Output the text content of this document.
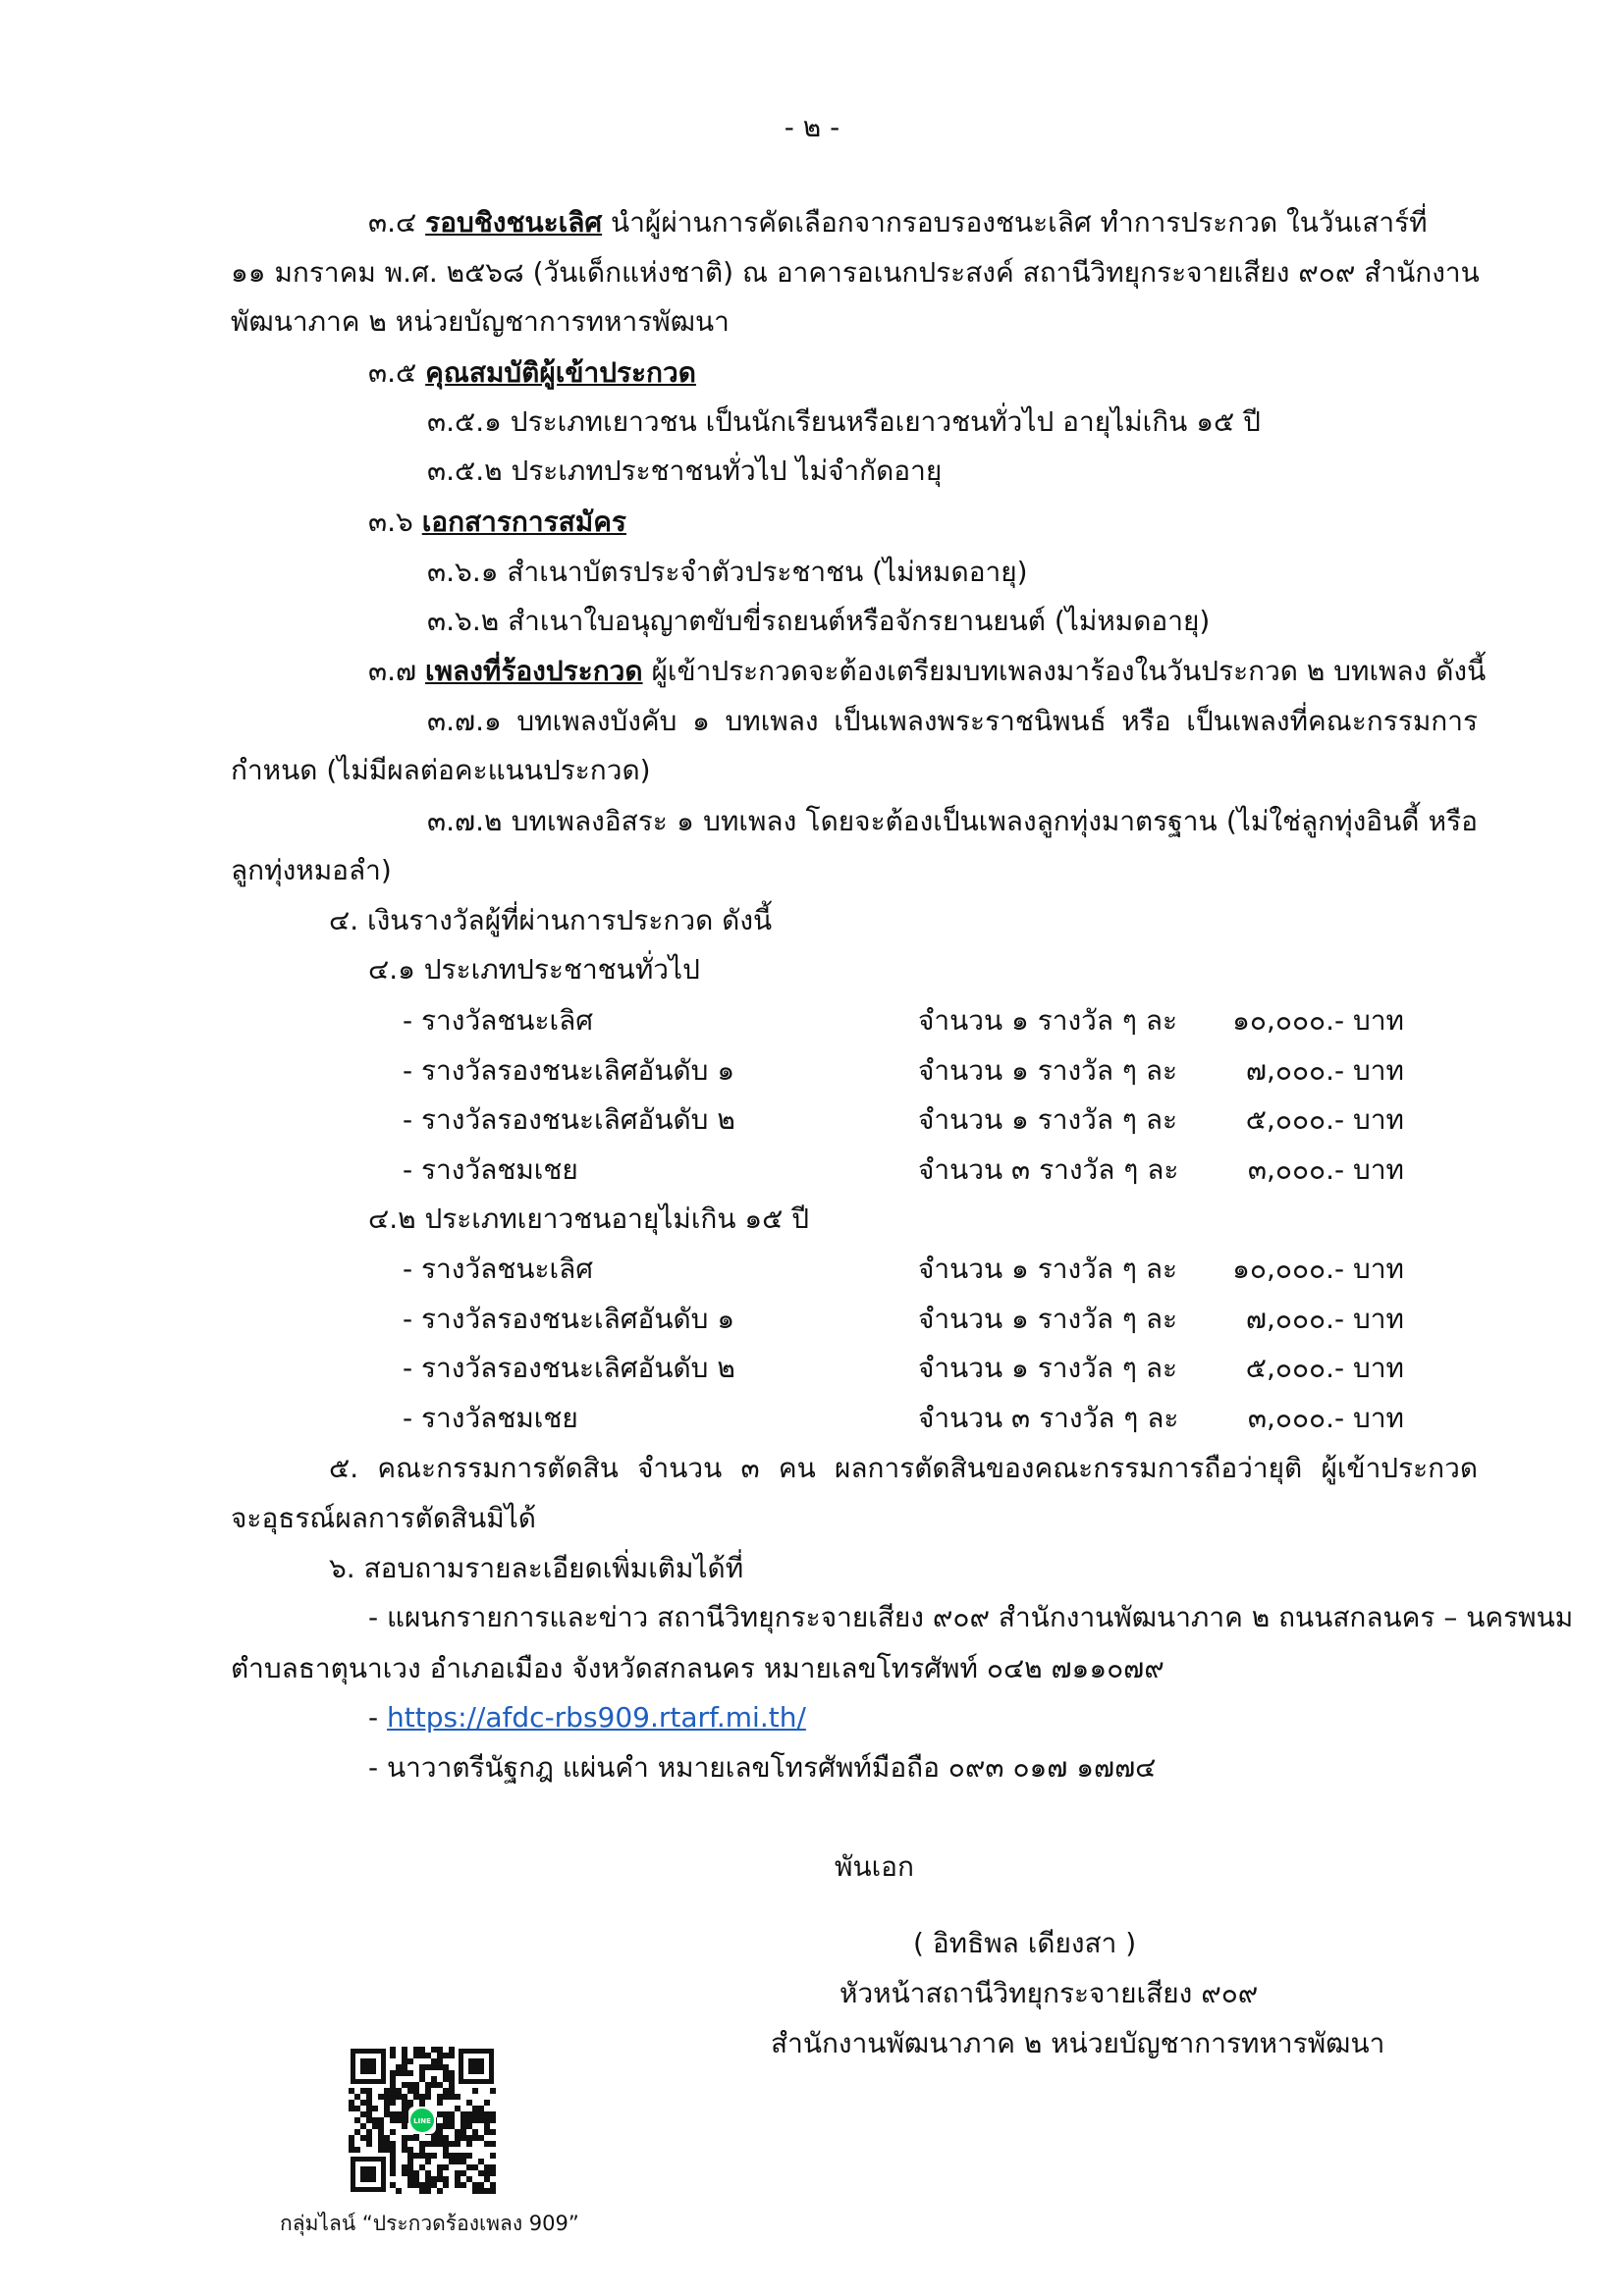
- ๒ -
๓.๔ รอบชิงชนะเลิศ นำผู้ผ่านการคัดเลือกจากรอบรองชนะเลิศ ทำการประกวด ในวันเสาร์ที่
๑๑ มกราคม พ.ศ. ๒๕๖๘ (วันเด็กแห่งชาติ) ณ อาคารอเนกประสงค์ สถานีวิทยุกระจายเสียง ๙๐๙ สำนักงาน
พัฒนาภาค ๒ หน่วยบัญชาการทหารพัฒนา
๓.๕ คุณสมบัติผู้เข้าประกวด
๓.๕.๑ ประเภทเยาวชน เป็นนักเรียนหรือเยาวชนทั่วไป อายุไม่เกิน ๑๕ ปี
๓.๕.๒ ประเภทประชาชนทั่วไป ไม่จำกัดอายุ
๓.๖ เอกสารการสมัคร
๓.๖.๑ สำเนาบัตรประจำตัวประชาชน (ไม่หมดอายุ)
๓.๖.๒ สำเนาใบอนุญาตขับขี่รถยนต์หรือจักรยานยนต์ (ไม่หมดอายุ)
๓.๗ เพลงที่ร้องประกวด ผู้เข้าประกวดจะต้องเตรียมบทเพลงมาร้องในวันประกวด ๒ บทเพลง ดังนี้
๓.๗.๑ บทเพลงบังคับ ๑ บทเพลง เป็นเพลงพระราชนิพนธ์ หรือ เป็นเพลงที่คณะกรรมการ
กำหนด (ไม่มีผลต่อคะแนนประกวด)
๓.๗.๒ บทเพลงอิสระ ๑ บทเพลง โดยจะต้องเป็นเพลงลูกทุ่งมาตรฐาน (ไม่ใช่ลูกทุ่งอินดี้ หรือ
ลูกทุ่งหมอลำ)
๔. เงินรางวัลผู้ที่ผ่านการประกวด ดังนี้
๔.๑ ประเภทประชาชนทั่วไป
- รางวัลชนะเลิศ	จำนวน ๑ รางวัล ๆ ละ	๑๐,๐๐๐.- บาท
- รางวัลรองชนะเลิศอันดับ ๑	จำนวน ๑ รางวัล ๆ ละ	๗,๐๐๐.- บาท
- รางวัลรองชนะเลิศอันดับ ๒	จำนวน ๑ รางวัล ๆ ละ	๕,๐๐๐.- บาท
- รางวัลชมเชย	จำนวน ๓ รางวัล ๆ ละ	๓,๐๐๐.- บาท
๔.๒ ประเภทเยาวชนอายุไม่เกิน ๑๕ ปี
- รางวัลชนะเลิศ	จำนวน ๑ รางวัล ๆ ละ	๑๐,๐๐๐.- บาท
- รางวัลรองชนะเลิศอันดับ ๑	จำนวน ๑ รางวัล ๆ ละ	๗,๐๐๐.- บาท
- รางวัลรองชนะเลิศอันดับ ๒	จำนวน ๑ รางวัล ๆ ละ	๕,๐๐๐.- บาท
- รางวัลชมเชย	จำนวน ๓ รางวัล ๆ ละ	๓,๐๐๐.- บาท
๕. คณะกรรมการตัดสิน จำนวน ๓ คน ผลการตัดสินของคณะกรรมการถือว่ายุติ ผู้เข้าประกวด
จะอุธรณ์ผลการตัดสินมิได้
๖. สอบถามรายละเอียดเพิ่มเติมได้ที่
- แผนกรายการและข่าว สถานีวิทยุกระจายเสียง ๙๐๙ สำนักงานพัฒนาภาค ๒ ถนนสกลนคร – นครพนม
ตำบลธาตุนาเวง อำเภอเมือง จังหวัดสกลนคร หมายเลขโทรศัพท์ ๐๔๒ ๗๑๑๐๗๙
- https://afdc-rbs909.rtarf.mi.th/
- นาวาตรีนัฐกฎ แผ่นคำ หมายเลขโทรศัพท์มือถือ ๐๙๓ ๐๑๗ ๑๗๗๔
พันเอก
( อิทธิพล เดียงสา )
หัวหน้าสถานีวิทยุกระจายเสียง ๙๐๙
สำนักงานพัฒนาภาค ๒ หน่วยบัญชาการทหารพัฒนา
LINE
กลุ่มไลน์ “ประกวดร้องเพลง 909”
